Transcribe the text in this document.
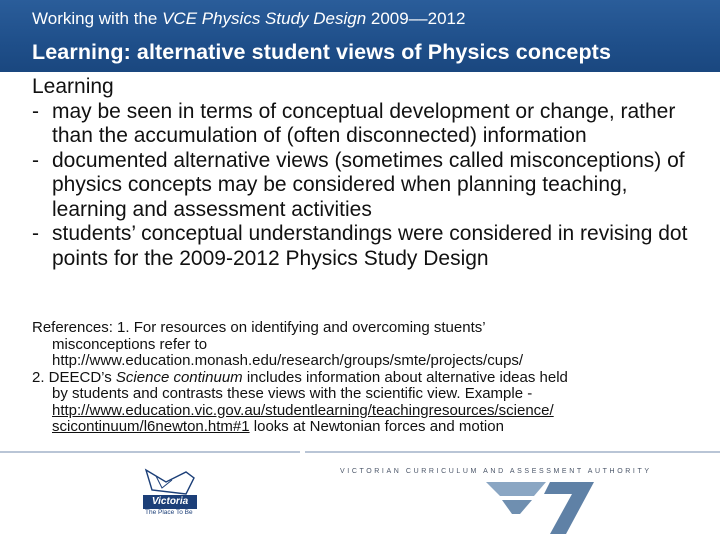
Working with the VCE Physics Study Design 2009––2012
Learning: alternative student views of Physics concepts

Learning

- may be seen in terms of conceptual development or change, rather than the accumulation of (often disconnected) information

- documented alternative views (sometimes called misconceptions) of physics concepts may be considered when planning teaching, learning and assessment activities

- students’ conceptual understandings were considered in revising dot points for the 2009-2012 Physics Study Design

References: 1. For resources on identifying and overcoming stuents’

misconceptions refer to

http://www.education.monash.edu/research/groups/smte/projects/cups/

2. DEECD’s Science continuum includes information about alternative ideas held

by students and contrasts these views with the scientific view. Example -

http://www.education.vic.gov.au/studentlearning/teachingresources/science/

scicontinuum/l6newton.htm#1 looks at Newtonian forces and motion

Victoria
The Place To Be
VICTORIAN CURRICULUM AND ASSESSMENT AUTHORITY
